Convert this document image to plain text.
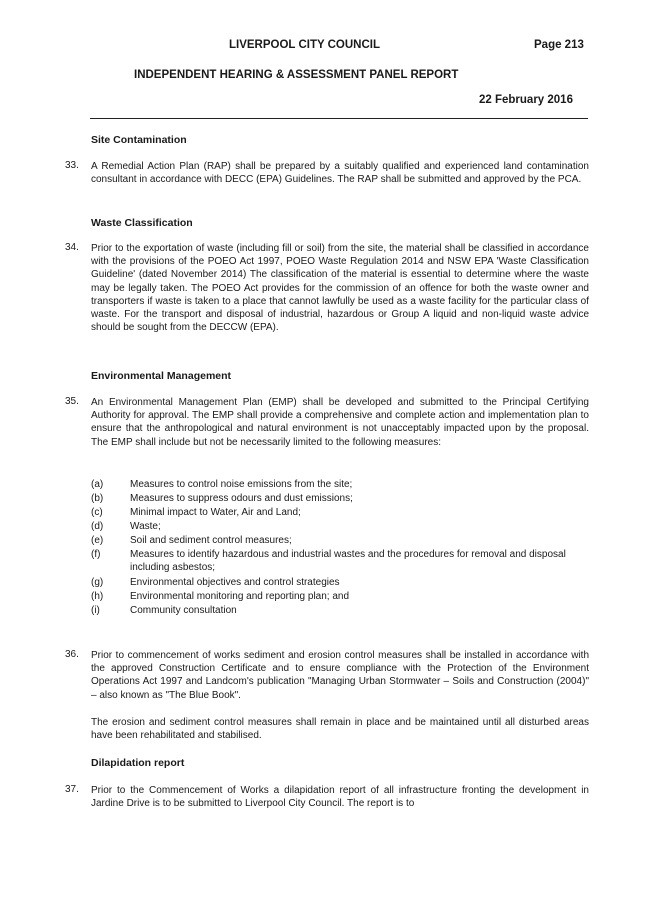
LIVERPOOL CITY COUNCIL	Page 213
INDEPENDENT HEARING & ASSESSMENT PANEL REPORT
22 February 2016
Site Contamination
33. A Remedial Action Plan (RAP) shall be prepared by a suitably qualified and experienced land contamination consultant in accordance with DECC (EPA) Guidelines. The RAP shall be submitted and approved by the PCA.

Waste Classification
34. Prior to the exportation of waste (including fill or soil) from the site, the material shall be classified in accordance with the provisions of the POEO Act 1997, POEO Waste Regulation 2014 and NSW EPA 'Waste Classification Guideline' (dated November 2014) The classification of the material is essential to determine where the waste may be legally taken. The POEO Act provides for the commission of an offence for both the waste owner and transporters if waste is taken to a place that cannot lawfully be used as a waste facility for the particular class of waste. For the transport and disposal of industrial, hazardous or Group A liquid and non-liquid waste advice should be sought from the DECCW (EPA).

Environmental Management
35. An Environmental Management Plan (EMP) shall be developed and submitted to the Principal Certifying Authority for approval. The EMP shall provide a comprehensive and complete action and implementation plan to ensure that the anthropological and natural environment is not unacceptably impacted upon by the proposal. The EMP shall include but not be necessarily limited to the following measures:

(a)	Measures to control noise emissions from the site;
(b)	Measures to suppress odours and dust emissions;
(c)	Minimal impact to Water, Air and Land;
(d)	Waste;
(e)	Soil and sediment control measures;
(f)	Measures to identify hazardous and industrial wastes and the procedures for removal and disposal including asbestos;
(g)	Environmental objectives and control strategies
(h)	Environmental monitoring and reporting plan; and
(i)	Community consultation
36. Prior to commencement of works sediment and erosion control measures shall be installed in accordance with the approved Construction Certificate and to ensure compliance with the Protection of the Environment Operations Act 1997 and Landcom's publication "Managing Urban Stormwater – Soils and Construction (2004)" – also known as "The Blue Book".

The erosion and sediment control measures shall remain in place and be maintained until all disturbed areas have been rehabilitated and stabilised.

Dilapidation report
37. Prior to the Commencement of Works a dilapidation report of all infrastructure fronting the development in Jardine Drive is to be submitted to Liverpool City Council. The report is to
